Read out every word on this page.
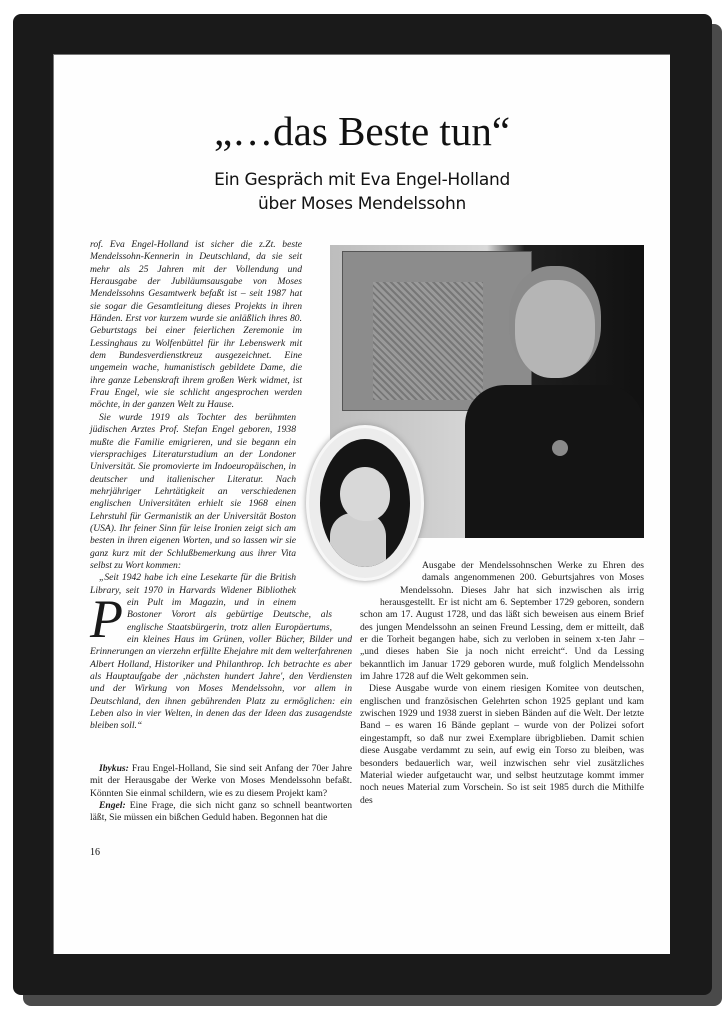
„…das Beste tun“
Ein Gespräch mit Eva Engel-Holland
über Moses Mendelssohn

P
rof. Eva Engel-Holland ist sicher die z.Zt. beste Mendelssohn-Kennerin in Deutschland, da sie seit mehr als 25 Jahren mit der Vollendung und Herausgabe der Jubiläumsausgabe von Moses Mendelssohns Gesamtwerk befaßt ist – seit 1987 hat sie sogar die Gesamtleitung dieses Projekts in ihren Händen. Erst vor kurzem wurde sie anläßlich ihres 80. Geburtstags bei einer feierlichen Zeremonie im Lessinghaus zu Wolfenbüttel für ihr Lebenswerk mit dem Bundesverdienstkreuz ausgezeichnet. Eine ungemein wache, humanistisch gebildete Dame, die ihre ganze Lebenskraft ihrem großen Werk widmet, ist Frau Engel, wie sie schlicht angesprochen werden möchte, in der ganzen Welt zu Hause.

Sie wurde 1919 als Tochter des berühmten jüdischen Arztes Prof. Stefan Engel geboren, 1938 mußte die Familie emigrieren, und sie begann ein viersprachiges Literaturstudium an der Londoner Universität. Sie promovierte im Indoeuropäischen, in deutscher und italienischer Literatur. Nach mehrjähriger Lehrtätigkeit an verschiedenen englischen Universitäten erhielt sie 1968 einen Lehrstuhl für Germanistik an der Universität Boston (USA). Ihr feiner Sinn für leise Ironien zeigt sich am besten in ihren eigenen Worten, und so lassen wir sie ganz kurz mit der Schlußbemerkung aus ihrer Vita selbst zu Wort kommen:

„Seit 1942 habe ich eine Lesekarte für die British Library, seit 1970 in Harvards Widener Bibliothek ein Pult im Magazin, und in einem Bostoner Vorort als gebürtige Deutsche, als englische Staatsbürgerin, trotz allen Europäertums, ein kleines Haus im Grünen, voller Bücher, Bilder und Erinnerungen an vierzehn erfüllte Ehejahre mit dem welterfahrenen Albert Holland, Historiker und Philanthrop. Ich betrachte es aber als Hauptaufgabe der ‚nächsten hundert Jahre', den Verdiensten und der Wirkung von Moses Mendelssohn, vor allem in Deutschland, den ihnen gebührenden Platz zu ermöglichen: ein Leben also in vier Welten, in denen das der Ideen das zusagendste bleiben soll.“

Ibykus: Frau Engel-Holland, Sie sind seit Anfang der 70er Jahre mit der Herausgabe der Werke von Moses Mendelssohn befaßt. Könnten Sie einmal schildern, wie es zu diesem Projekt kam?

Engel: Eine Frage, die sich nicht ganz so schnell beantworten läßt, Sie müssen ein bißchen Geduld haben. Begonnen hat die

Ausgabe der Mendelssohnschen Werke zu Ehren des damals angenommenen 200. Geburtsjahres von Moses Mendelssohn. Dieses Jahr hat sich inzwischen als irrig herausgestellt. Er ist nicht am 6. September 1729 geboren, sondern schon am 17. August 1728, und das läßt sich beweisen aus einem Brief des jungen Mendelssohn an seinen Freund Lessing, dem er mitteilt, daß er die Torheit begangen habe, sich zu verloben in seinem x-ten Jahr – „und dieses haben Sie ja noch nicht erreicht“. Und da Lessing bekanntlich im Januar 1729 geboren wurde, muß folglich Mendelssohn im Jahre 1728 auf die Welt gekommen sein.

Diese Ausgabe wurde von einem riesigen Komitee von deutschen, englischen und französischen Gelehrten schon 1925 geplant und kam zwischen 1929 und 1938 zuerst in sieben Bänden auf die Welt. Der letzte Band – es waren 16 Bände geplant – wurde von der Polizei sofort eingestampft, so daß nur zwei Exemplare übrigblieben. Damit schien diese Ausgabe verdammt zu sein, auf ewig ein Torso zu bleiben, was besonders bedauerlich war, weil inzwischen sehr viel zusätzliches Material wieder aufgetaucht war, und selbst heutzutage kommt immer noch neues Material zum Vorschein. So ist seit 1985 durch die Mithilfe des

16
